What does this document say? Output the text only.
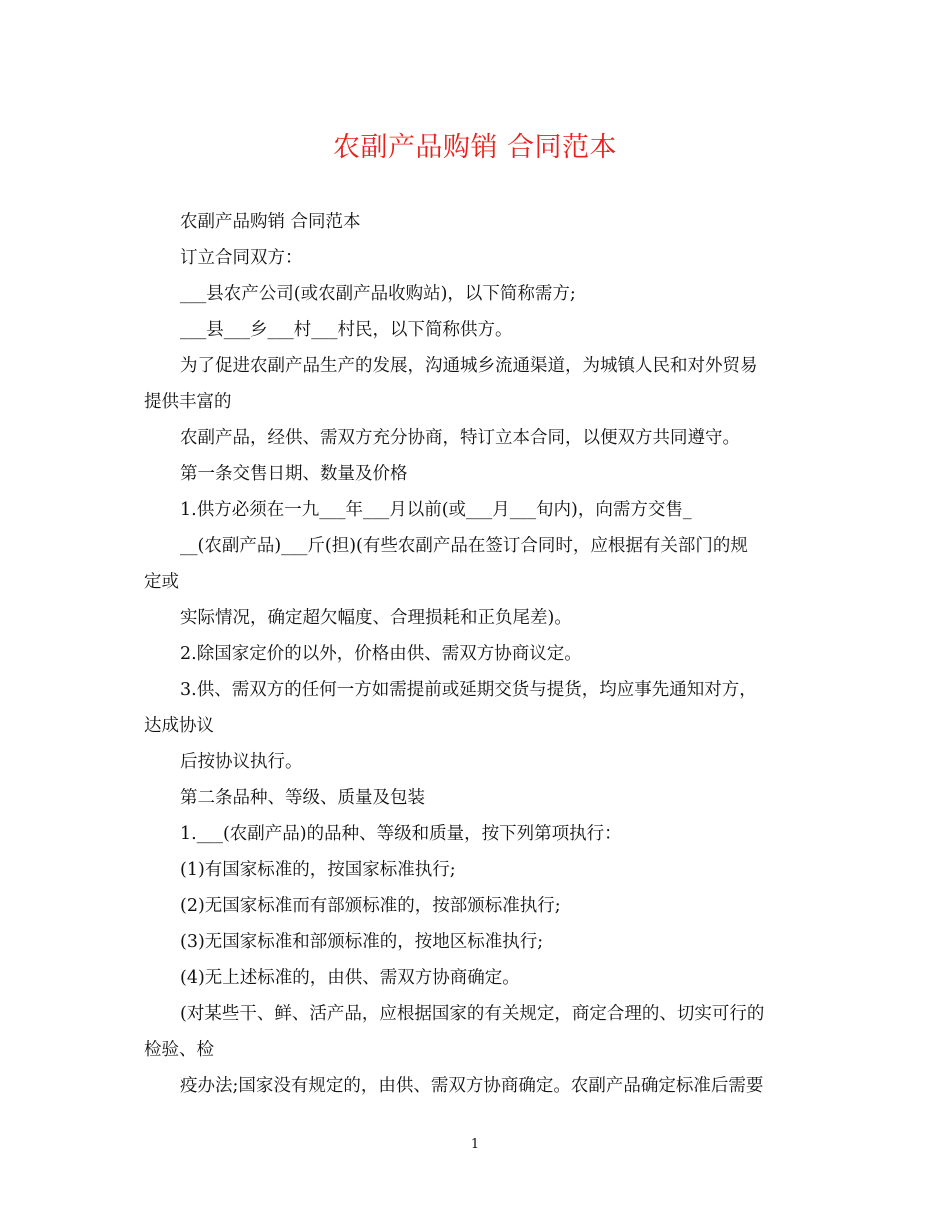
农副产品购销 合同范本
农副产品购销 合同范本
订立合同双方：
___县农产公司(或农副产品收购站)，以下简称需方;
___县___乡___村___村民，以下简称供方。
为了促进农副产品生产的发展，沟通城乡流通渠道，为城镇人民和对外贸易
提供丰富的
农副产品，经供、需双方充分协商，特订立本合同，以便双方共同遵守。
第一条交售日期、数量及价格
1.供方必须在一九___年___月以前(或___月___旬内)，向需方交售_
__(农副产品)___斤(担)(有些农副产品在签订合同时，应根据有关部门的规
定或
实际情况，确定超欠幅度、合理损耗和正负尾差)。
2.除国家定价的以外，价格由供、需双方协商议定。
3.供、需双方的任何一方如需提前或延期交货与提货，均应事先通知对方，
达成协议
后按协议执行。
第二条品种、等级、质量及包装
1.___(农副产品)的品种、等级和质量，按下列第项执行：
(1)有国家标准的，按国家标准执行;
(2)无国家标准而有部颁标准的，按部颁标准执行;
(3)无国家标准和部颁标准的，按地区标准执行;
(4)无上述标准的，由供、需双方协商确定。
(对某些干、鲜、活产品，应根据国家的有关规定，商定合理的、切实可行的
检验、检
疫办法;国家没有规定的，由供、需双方协商确定。农副产品确定标准后需要
1
